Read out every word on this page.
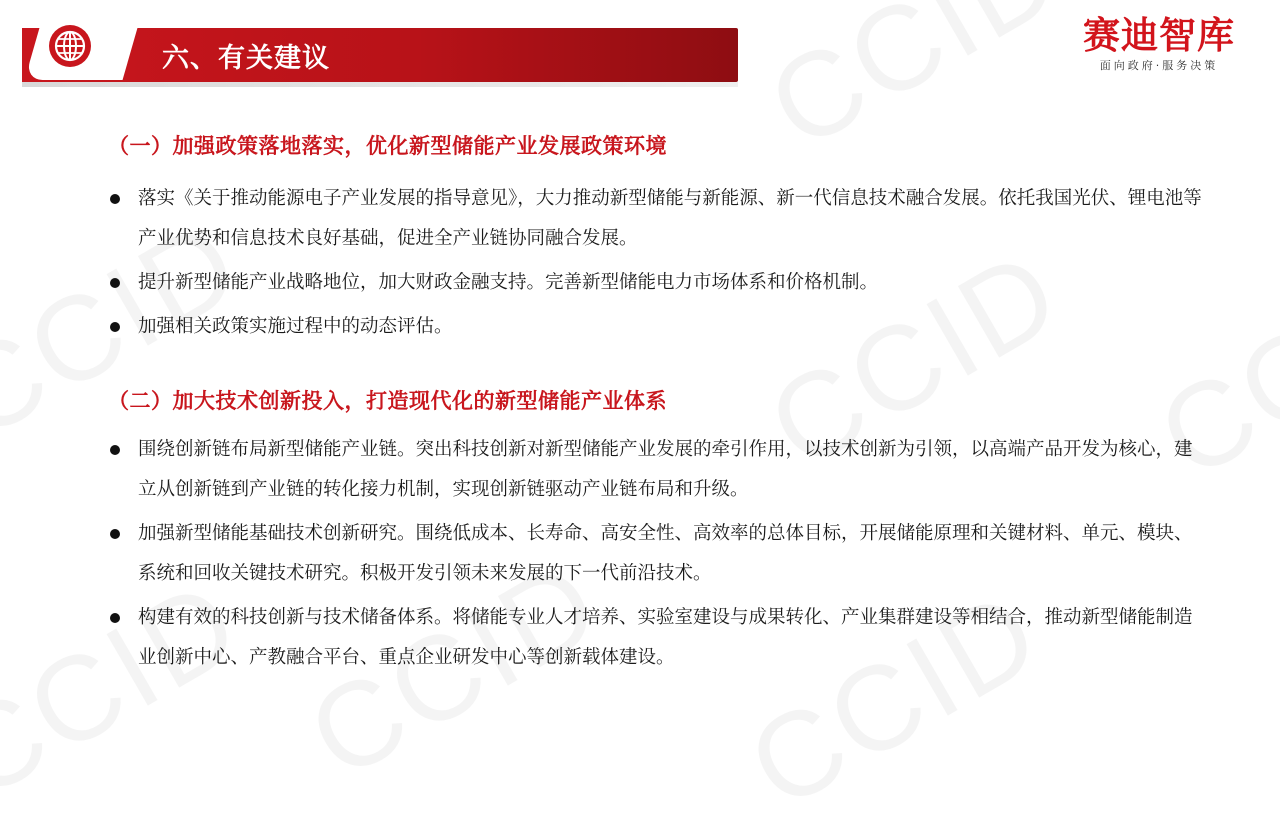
六、有关建议
赛迪智库
面向政府·服务决策
（一）加强政策落地落实，优化新型储能产业发展政策环境
落实《关于推动能源电子产业发展的指导意见》，大力推动新型储能与新能源、新一代信息技术融合发展。依托我国光伏、锂电池等产业优势和信息技术良好基础，促进全产业链协同融合发展。
提升新型储能产业战略地位，加大财政金融支持。完善新型储能电力市场体系和价格机制。
加强相关政策实施过程中的动态评估。
（二）加大技术创新投入，打造现代化的新型储能产业体系
围绕创新链布局新型储能产业链。突出科技创新对新型储能产业发展的牵引作用，以技术创新为引领，以高端产品开发为核心，建立从创新链到产业链的转化接力机制，实现创新链驱动产业链布局和升级。
加强新型储能基础技术创新研究。围绕低成本、长寿命、高安全性、高效率的总体目标，开展储能原理和关键材料、单元、模块、系统和回收关键技术研究。积极开发引领未来发展的下一代前沿技术。
构建有效的科技创新与技术储备体系。将储能专业人才培养、实验室建设与成果转化、产业集群建设等相结合，推动新型储能制造业创新中心、产教融合平台、重点企业研发中心等创新载体建设。
